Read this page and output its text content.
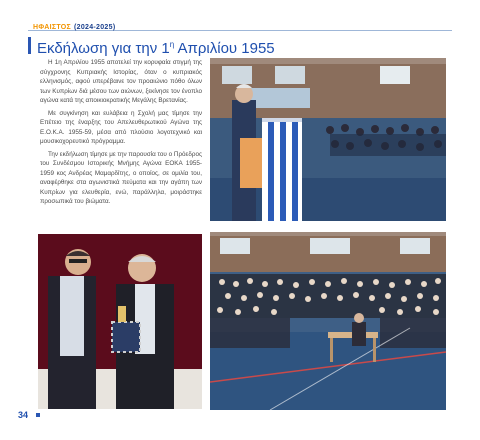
ΗΦΑΙΣΤΟΣ (2024-2025)
Εκδήλωση για την $1^\eta$ Απριλίου 1955

Η 1η Απριλίου 1955 αποτελεί την κορυφαία στιγμή της σύγχρονης Κυπριακής Ιστορίας, όταν ο κυπριακός ελληνισμός, αφού υπερέβαινε τον προαιώνιο πόθο όλων των Κυπρίων διά μέσου των αιώνων, ξεκίνησε τον ένοπλο αγώνα κατά της αποικιοκρατικής Μεγάλης Βρετανίας.

Με συγκίνηση και ευλάβεια η Σχολή μας τίμησε την Επέτειο της έναρξης του Απελευθερωτικού Αγώνα της Ε.Ο.Κ.Α. 1955-59, μέσα από πλούσιο λογοτεχνικό και μουσικοχορευτικό πρόγραμμα.

Την εκδήλωση τίμησε με την παρουσία του ο Πρόεδρος του Συνδέσμου Ιστορικής Μνήμης Αγώνα ΕΟΚΑ 1955-1959 κος Ανδρέας Μαμαρδίτης, ο οποίος, σε ομιλία του, αναφέρθηκε στα αγωνιστικά πεύματα και την αγάπη των Κυπρίων για ελευθερία, ενώ, παράλληλα, μοιράστηκε προσωπικά του βιώματα.

34
